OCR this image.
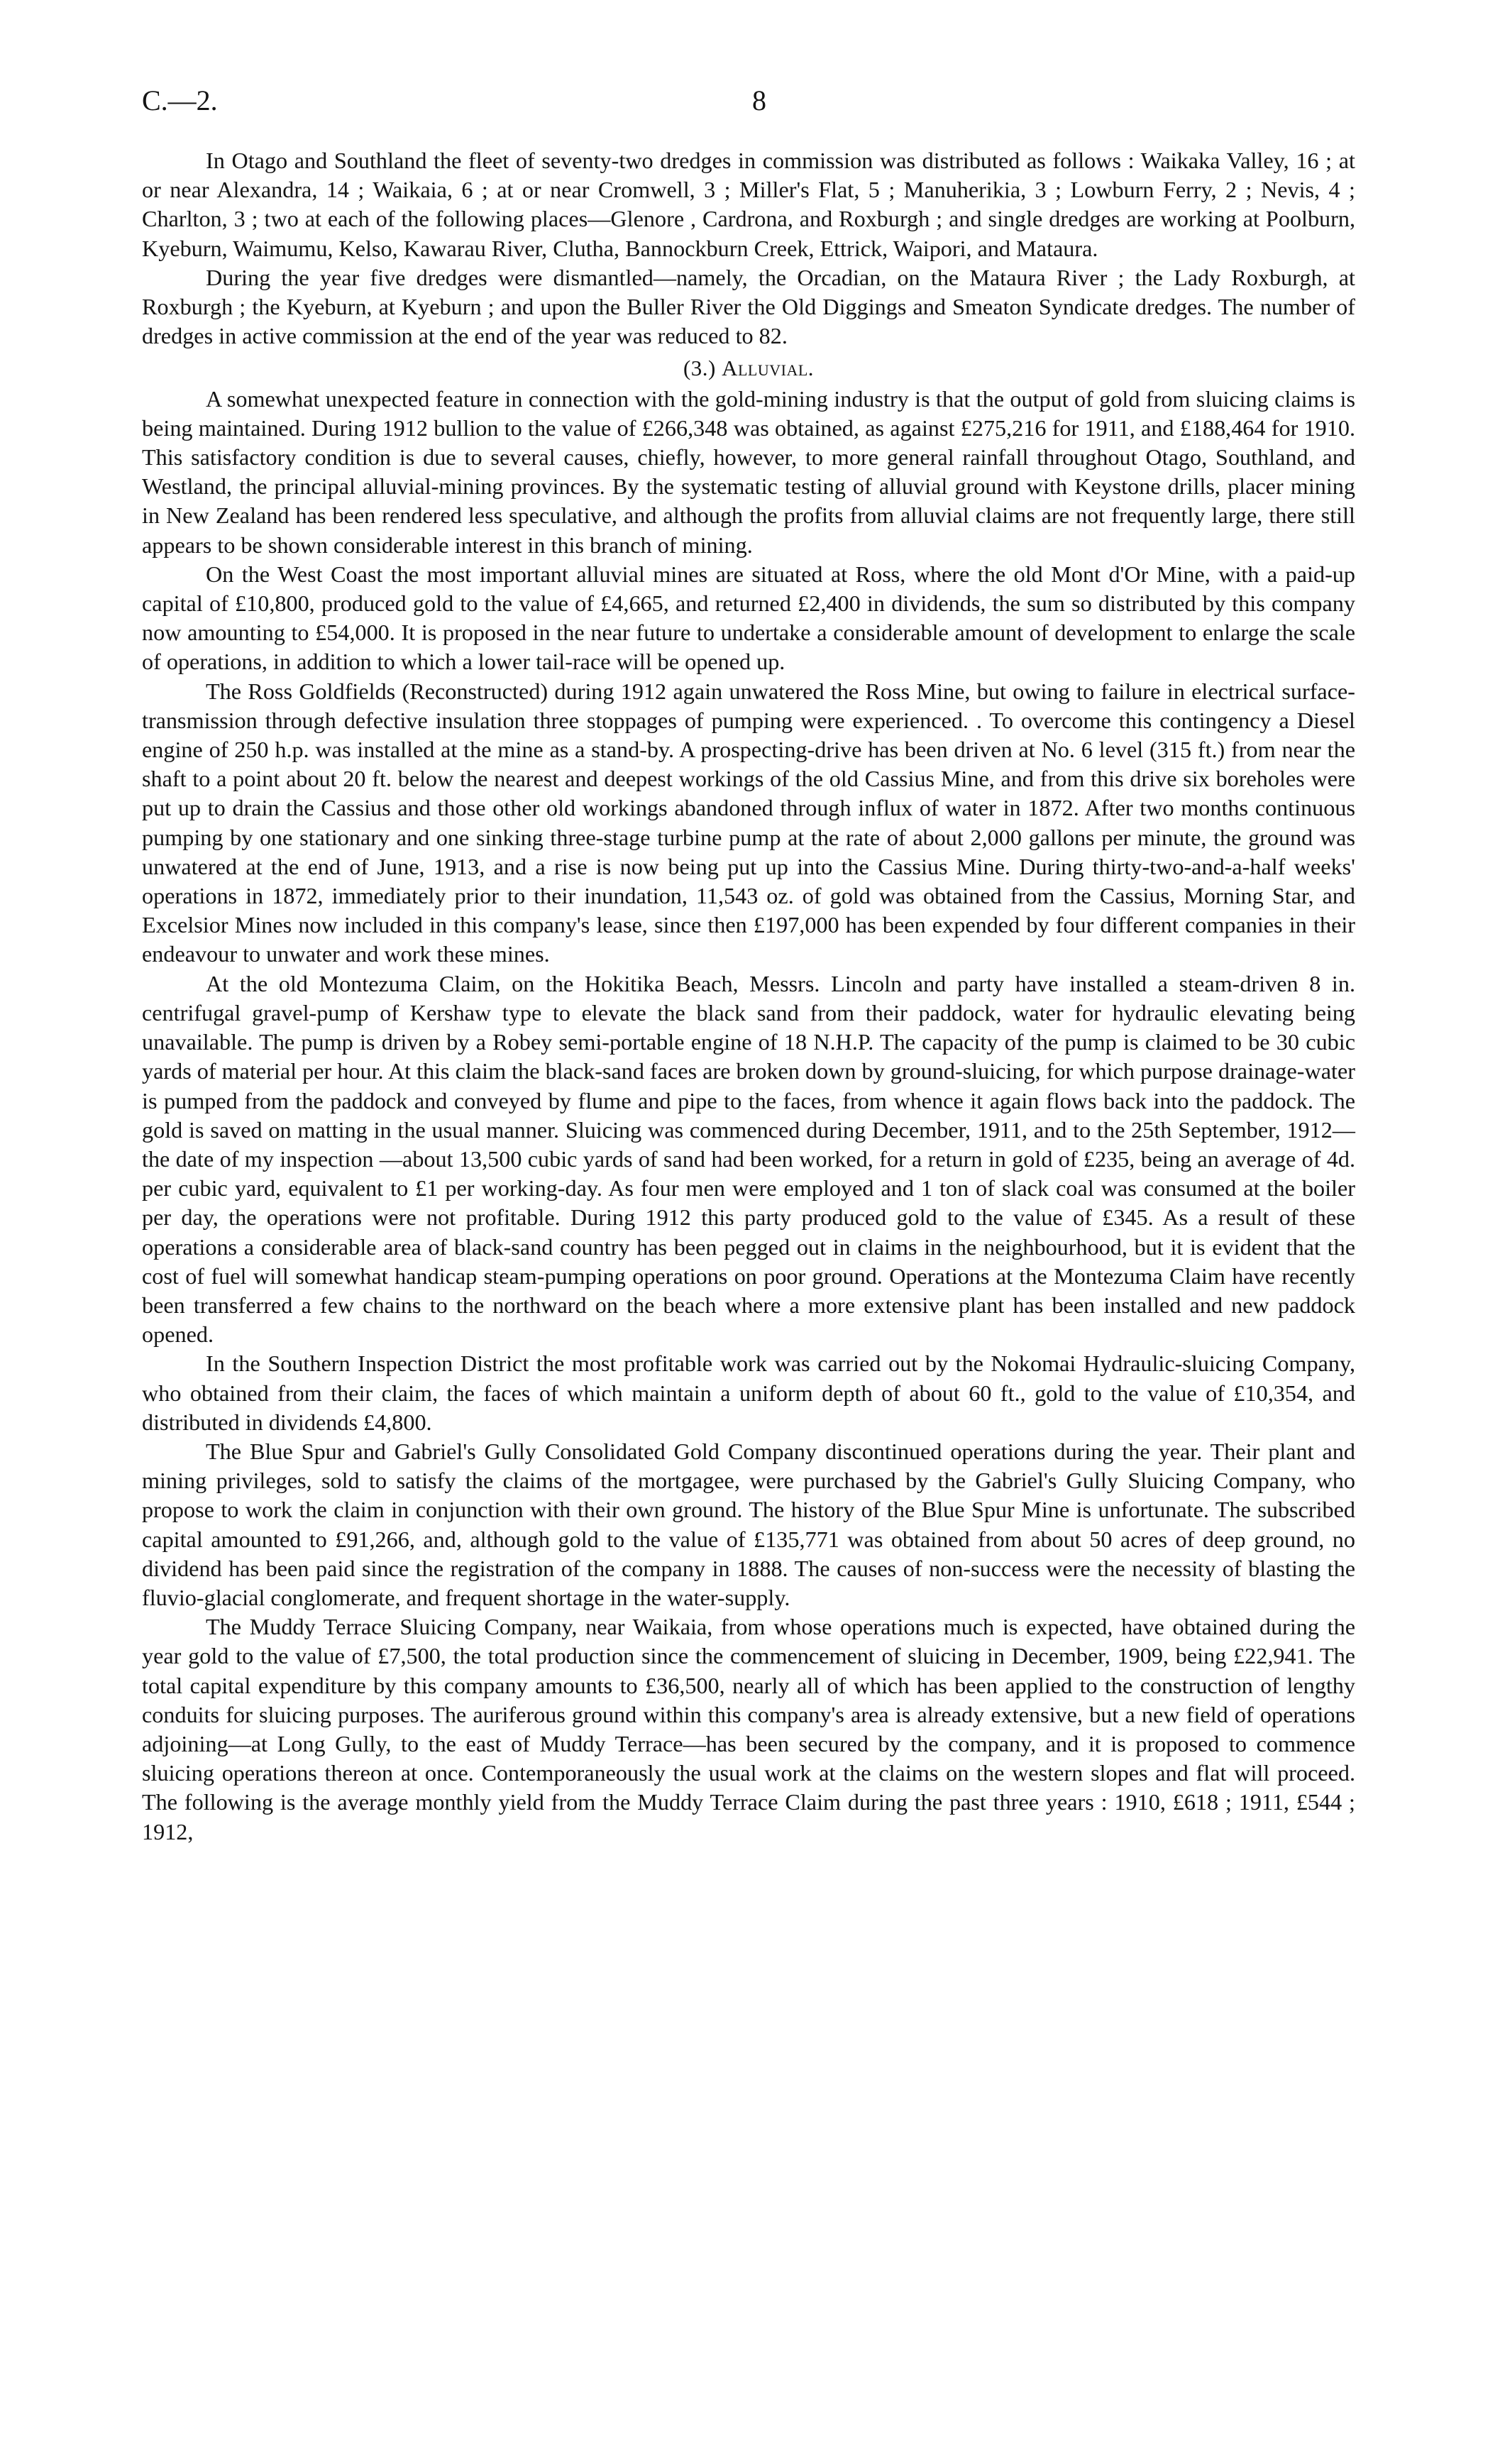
C.—2.	8

In Otago and Southland the fleet of seventy-two dredges in commission was distributed as follows : Waikaka Valley, 16 ; at or near Alexandra, 14 ; Waikaia, 6 ; at or near Cromwell, 3 ; Miller's Flat, 5 ; Manuherikia, 3 ; Lowburn Ferry, 2 ; Nevis, 4 ; Charlton, 3 ; two at each of the following places—Glenore , Cardrona, and Roxburgh ; and single dredges are working at Poolburn, Kyeburn, Waimumu, Kelso, Kawarau River, Clutha, Bannockburn Creek, Ettrick, Waipori, and Mataura.

During the year five dredges were dismantled—namely, the Orcadian, on the Mataura River ; the Lady Roxburgh, at Roxburgh ; the Kyeburn, at Kyeburn ; and upon the Buller River the Old Diggings and Smeaton Syndicate dredges. The number of dredges in active commission at the end of the year was reduced to 82.

(3.) Alluvial.

A somewhat unexpected feature in connection with the gold-mining industry is that the output of gold from sluicing claims is being maintained. During 1912 bullion to the value of £266,348 was obtained, as against £275,216 for 1911, and £188,464 for 1910. This satisfactory condition is due to several causes, chiefly, however, to more general rainfall throughout Otago, Southland, and Westland, the principal alluvial-mining provinces. By the systematic testing of alluvial ground with Keystone drills, placer mining in New Zealand has been rendered less speculative, and although the profits from alluvial claims are not frequently large, there still appears to be shown considerable interest in this branch of mining.

On the West Coast the most important alluvial mines are situated at Ross, where the old Mont d'Or Mine, with a paid-up capital of £10,800, produced gold to the value of £4,665, and returned £2,400 in dividends, the sum so distributed by this company now amounting to £54,000. It is proposed in the near future to undertake a considerable amount of development to enlarge the scale of operations, in addition to which a lower tail-race will be opened up.

The Ross Goldfields (Reconstructed) during 1912 again unwatered the Ross Mine, but owing to failure in electrical surface-transmission through defective insulation three stoppages of pumping were experienced. . To overcome this contingency a Diesel engine of 250 h.p. was installed at the mine as a stand-by. A prospecting-drive has been driven at No. 6 level (315 ft.) from near the shaft to a point about 20 ft. below the nearest and deepest workings of the old Cassius Mine, and from this drive six boreholes were put up to drain the Cassius and those other old workings abandoned through influx of water in 1872. After two months continuous pumping by one stationary and one sinking three-stage turbine pump at the rate of about 2,000 gallons per minute, the ground was unwatered at the end of June, 1913, and a rise is now being put up into the Cassius Mine. During thirty-two-and-a-half weeks' operations in 1872, immediately prior to their inundation, 11,543 oz. of gold was obtained from the Cassius, Morning Star, and Excelsior Mines now included in this company's lease, since then £197,000 has been expended by four different companies in their endeavour to unwater and work these mines.

At the old Montezuma Claim, on the Hokitika Beach, Messrs. Lincoln and party have installed a steam-driven 8 in. centrifugal gravel-pump of Kershaw type to elevate the black sand from their paddock, water for hydraulic elevating being unavailable. The pump is driven by a Robey semi-portable engine of 18 N.H.P. The capacity of the pump is claimed to be 30 cubic yards of material per hour. At this claim the black-sand faces are broken down by ground-sluicing, for which purpose drainage-water is pumped from the paddock and conveyed by flume and pipe to the faces, from whence it again flows back into the paddock. The gold is saved on matting in the usual manner. Sluicing was commenced during December, 1911, and to the 25th September, 1912—the date of my inspection —about 13,500 cubic yards of sand had been worked, for a return in gold of £235, being an average of 4d. per cubic yard, equivalent to £1 per working-day. As four men were employed and 1 ton of slack coal was consumed at the boiler per day, the operations were not profitable. During 1912 this party produced gold to the value of £345. As a result of these operations a considerable area of black-sand country has been pegged out in claims in the neighbourhood, but it is evident that the cost of fuel will somewhat handicap steam-pumping operations on poor ground. Operations at the Montezuma Claim have recently been transferred a few chains to the northward on the beach where a more extensive plant has been installed and new paddock opened.

In the Southern Inspection District the most profitable work was carried out by the Nokomai Hydraulic-sluicing Company, who obtained from their claim, the faces of which maintain a uniform depth of about 60 ft., gold to the value of £10,354, and distributed in dividends £4,800.

The Blue Spur and Gabriel's Gully Consolidated Gold Company discontinued operations during the year. Their plant and mining privileges, sold to satisfy the claims of the mortgagee, were purchased by the Gabriel's Gully Sluicing Company, who propose to work the claim in conjunction with their own ground. The history of the Blue Spur Mine is unfortunate. The subscribed capital amounted to £91,266, and, although gold to the value of £135,771 was obtained from about 50 acres of deep ground, no dividend has been paid since the registration of the company in 1888. The causes of non-success were the necessity of blasting the fluvio-glacial conglomerate, and frequent shortage in the water-supply.

The Muddy Terrace Sluicing Company, near Waikaia, from whose operations much is expected, have obtained during the year gold to the value of £7,500, the total production since the commencement of sluicing in December, 1909, being £22,941. The total capital expenditure by this company amounts to £36,500, nearly all of which has been applied to the construction of lengthy conduits for sluicing purposes. The auriferous ground within this company's area is already extensive, but a new field of operations adjoining—at Long Gully, to the east of Muddy Terrace—has been secured by the company, and it is proposed to commence sluicing operations thereon at once. Contemporaneously the usual work at the claims on the western slopes and flat will proceed. The following is the average monthly yield from the Muddy Terrace Claim during the past three years : 1910, £618 ; 1911, £544 ; 1912,
